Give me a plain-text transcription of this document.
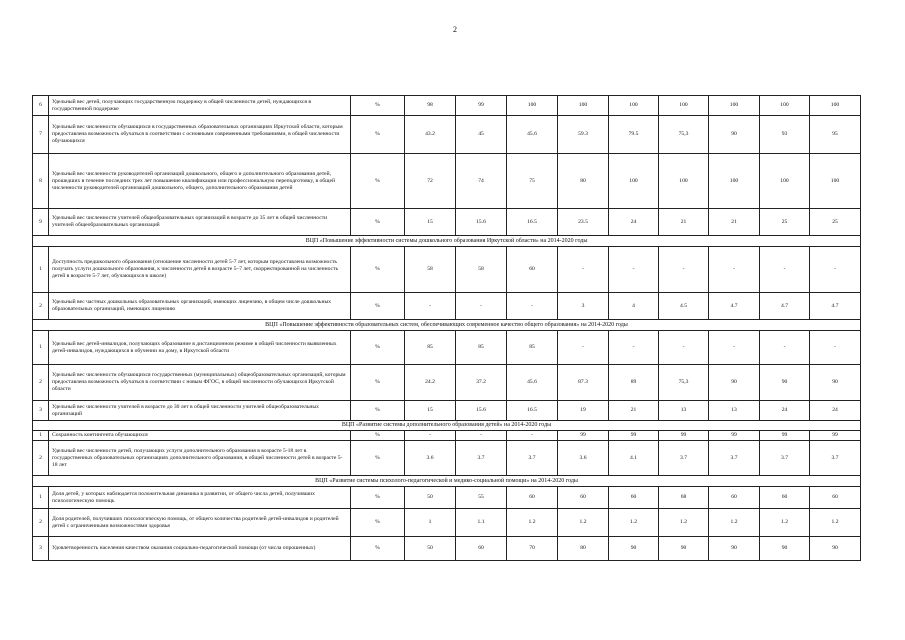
2
6	Удельный вес детей, получающих государственную поддержку в общей численности детей, нуждающихся в государственной поддержке	%	98	99	100	100	100	100	100	100	100
7	Удельный вес численности обучающихся в государственных образовательных организациях Иркутской области, которым предоставлена возможность обучаться в соответствии с основными современными требованиями, в общей численности обучающихся	%	43.2	45	45.6	59.3	79.5	75,3	90	93	95
8	Удельный вес численности руководителей организаций дошкольного, общего и дополнительного образования детей, прошедших в течение последних трех лет повышение квалификации или профессиональную переподготовку, в общей численности руководителей организаций дошкольного, общего, дополнительного образования детей	%	72	74	75	80	100	100	100	100	100
9	Удельный вес численности учителей общеобразовательных организаций в возрасте до 35 лет в общей численности учителей общеобразовательных организаций	%	15	15.6	16.5	23.5	24	21	21	25	25
ВЦП «Повышение эффективности системы дошкольного образования Иркутской области» на 2014-2020 годы											
1	Доступность предшкольного образования (отношение численности детей 5-7 лет, которым предоставлена возможность получать услуги дошкольного образования, к численности детей в возрасте 5–7 лет, скорректированной на численность детей в возрасте 5-7 лет, обучающихся в школе)	%	58	58	60	-	-	-	-	-	-
2	Удельный вес частных дошкольных образовательных организаций, имеющих лицензию, в общем числе дошкольных образовательных организаций, имеющих лицензию	%	-	-	-	3	4	4.5	4.7	4.7	4.7
ВЦП «Повышение эффективности образовательных систем, обеспечивающих современное качество общего образования» на 2014-2020 годы											
1	Удельный вес детей-инвалидов, получающих образование в дистанционном режиме в общей численности выявленных детей-инвалидов, нуждающихся в обучении на дому, в Иркутской области	%	85	85	85	-	-	-	-	-	-
2	Удельный вес численности обучающихся государственных (муниципальных) общеобразовательных организаций, которым предоставлена возможность обучаться в соответствии с новым ФГОС, в общей численности обучающихся Иркутской области	%	24.2	37.2	45.6	87.3	89	75,3	90	90	90
3	Удельный вес численности учителей в возрасте до 30 лет в общей численности учителей общеобразовательных организаций	%	15	15.6	16.5	19	21	13	13	24	24
ВЦП «Развитие системы дополнительного образования детей» на 2014-2020 годы											
1	Сохранность контингента обучающихся	%	-	-	-	99	99	99	99	99	99
2	Удельный вес численности детей, получающих услуги дополнительного образования в возрасте 5-18 лет в государственных образовательных организациях дополнительного образования, в общей численности детей в возрасте 5-18 лет	%	3.6	3.7	3.7	3.6	4.1	3.7	3.7	3.7	3.7
ВЦП «Развитие системы психолого-педагогической и медико-социальной помощи» на 2014-2020 годы											
1	Доля детей, у которых наблюдается положительная динамика в развитии, от общего числа детей, получивших психологическую помощь	%	50	55	60	60	60	68	60	60	60
2	Доля родителей, получивших психологическую помощь, от общего количества родителей детей-инвалидов и родителей детей с ограниченными возможностями здоровья	%	1	1.1	1.2	1.2	1.2	1.2	1.2	1.2	1.2
3	Удовлетворенность населения качеством оказания социально-педагогической помощи (от числа опрошенных)	%	50	60	70	80	90	90	90	90	90
